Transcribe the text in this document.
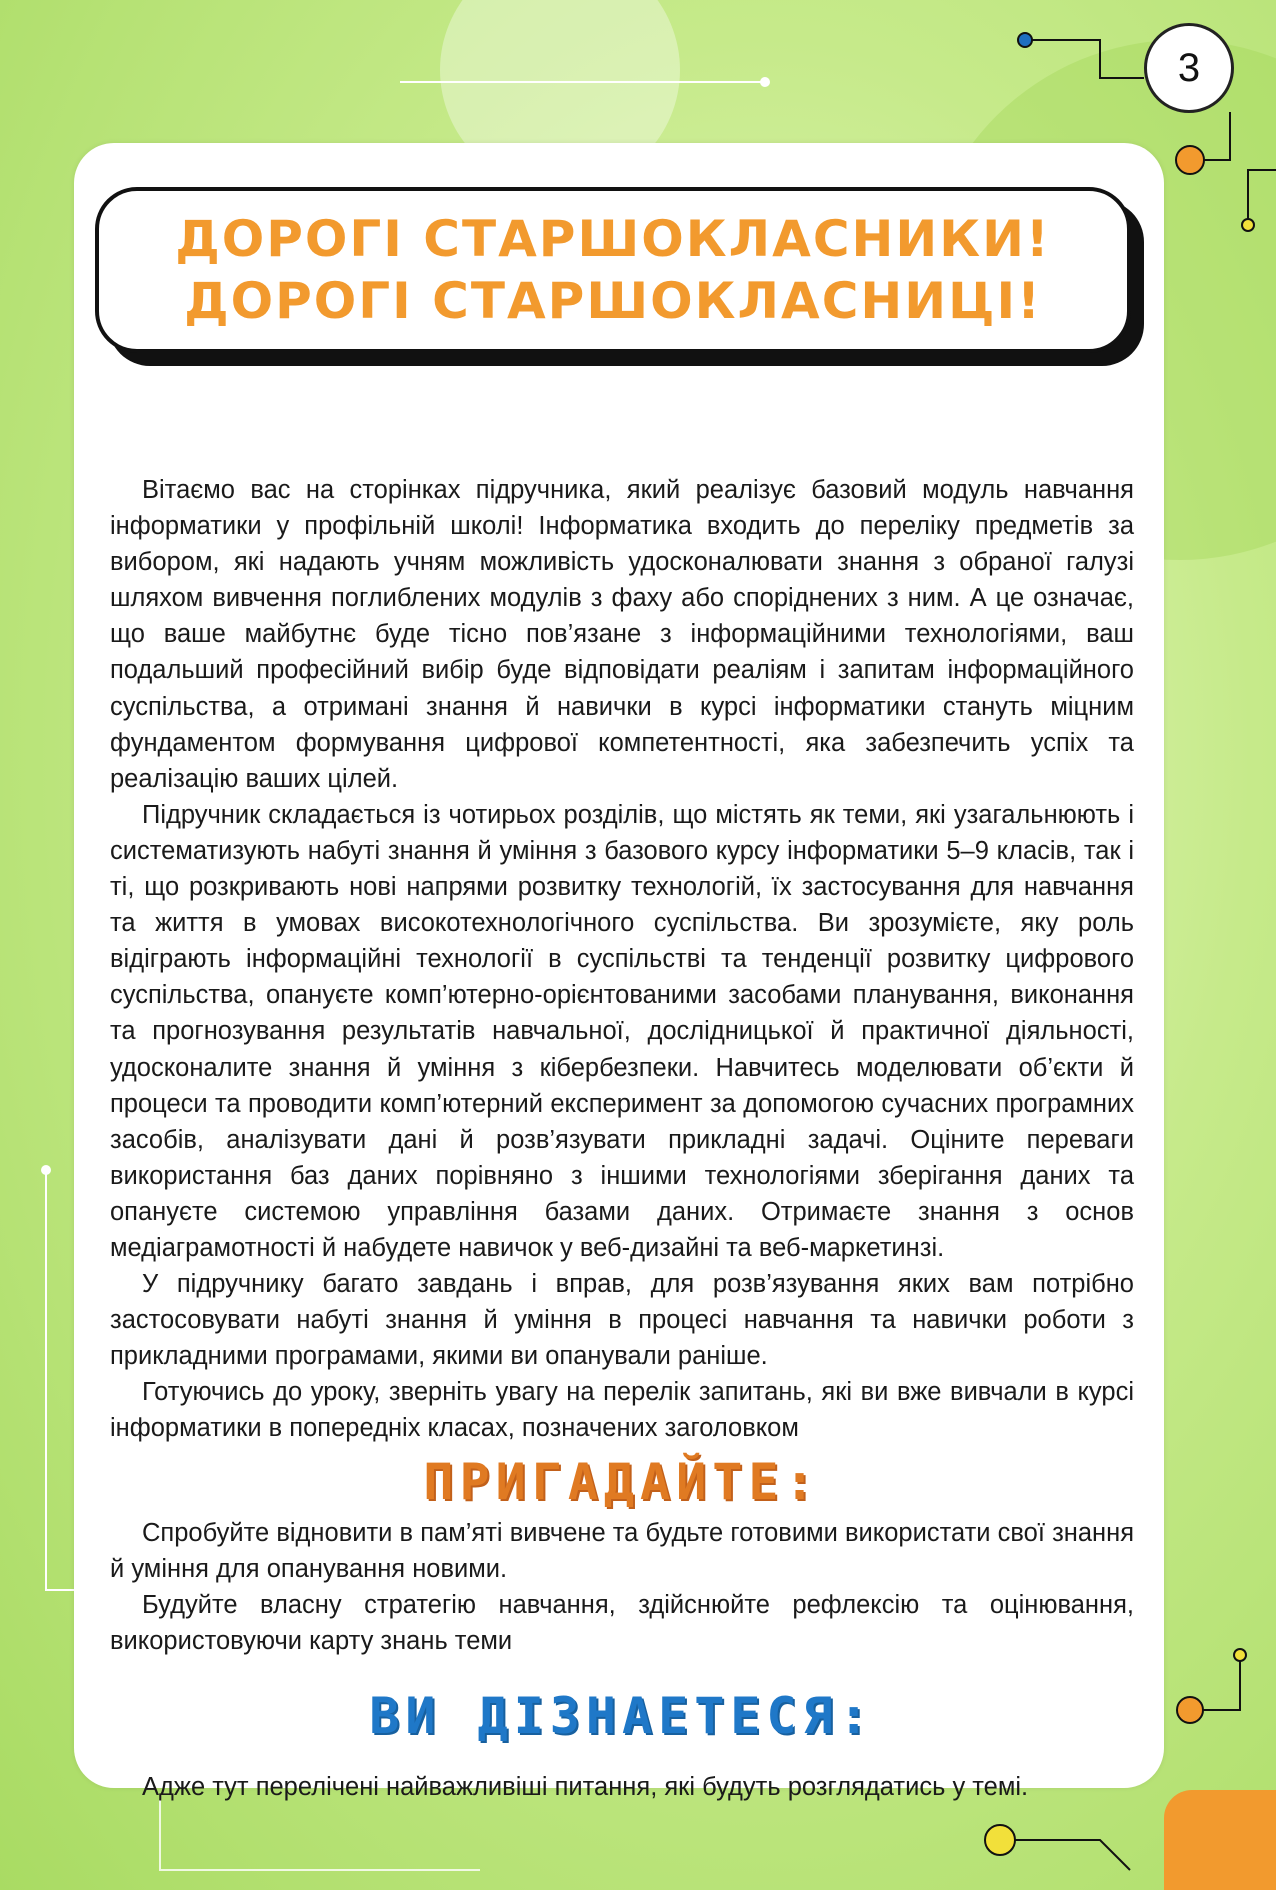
3
ДОРОГІ СТАРШОКЛАСНИКИ!
ДОРОГІ СТАРШОКЛАСНИЦІ!

Вітаємо вас на сторінках підручника, який реалізує базовий модуль навчання інформатики у профільній школі! Інформатика входить до переліку предметів за вибором, які надають учням можливість удосконалювати знання з обраної галузі шляхом вивчення поглиблених модулів з фаху або споріднених з ним. А це означає, що ваше майбутнє буде тісно пов’язане з інформаційними технологіями, ваш подальший професійний вибір буде відповідати реаліям і запитам інформаційного суспільства, а отримані знання й навички в курсі інформатики стануть міцним фундаментом формування цифрової компетентності, яка забезпечить успіх та реалізацію ваших цілей.

Підручник складається із чотирьох розділів, що містять як теми, які узагальнюють і систематизують набуті знання й уміння з базового курсу інформатики 5–9 класів, так і ті, що розкривають нові напрями розвитку технологій, їх застосування для навчання та життя в умовах високотехнологічного суспільства. Ви зрозумієте, яку роль відіграють інформаційні технології в суспільстві та тенденції розвитку цифрового суспільства, опануєте комп’ютерно-орієнтованими засобами планування, виконання та прогнозування результатів навчальної, дослідницької й практичної діяльності, удосконалите знання й уміння з кібербезпеки. Навчитесь моделювати об’єкти й процеси та проводити комп’ютерний експеримент за допомогою сучасних програмних засобів, аналізувати дані й розв’язувати прикладні задачі. Оціните переваги використання баз даних порівняно з іншими технологіями зберігання даних та опануєте системою управління базами даних. Отримаєте знання з основ медіаграмотності й набудете навичок у веб-дизайні та веб-маркетинзі.

У підручнику багато завдань і вправ, для розв’язування яких вам потрібно застосовувати набуті знання й уміння в процесі навчання та навички роботи з прикладними програмами, якими ви опанували раніше.

Готуючись до уроку, зверніть увагу на перелік запитань, які ви вже вивчали в курсі інформатики в попередніх класах, позначених заголовком

ПРИГАДАЙТЕ:

Спробуйте відновити в пам’яті вивчене та будьте готовими використати свої знання й уміння для опанування новими.

Будуйте власну стратегію навчання, здійснюйте рефлексію та оцінювання, використовуючи карту знань теми

ВИ ДІЗНАЕТЕСЯ:

Адже тут перелічені найважливіші питання, які будуть розглядатись у темі.
